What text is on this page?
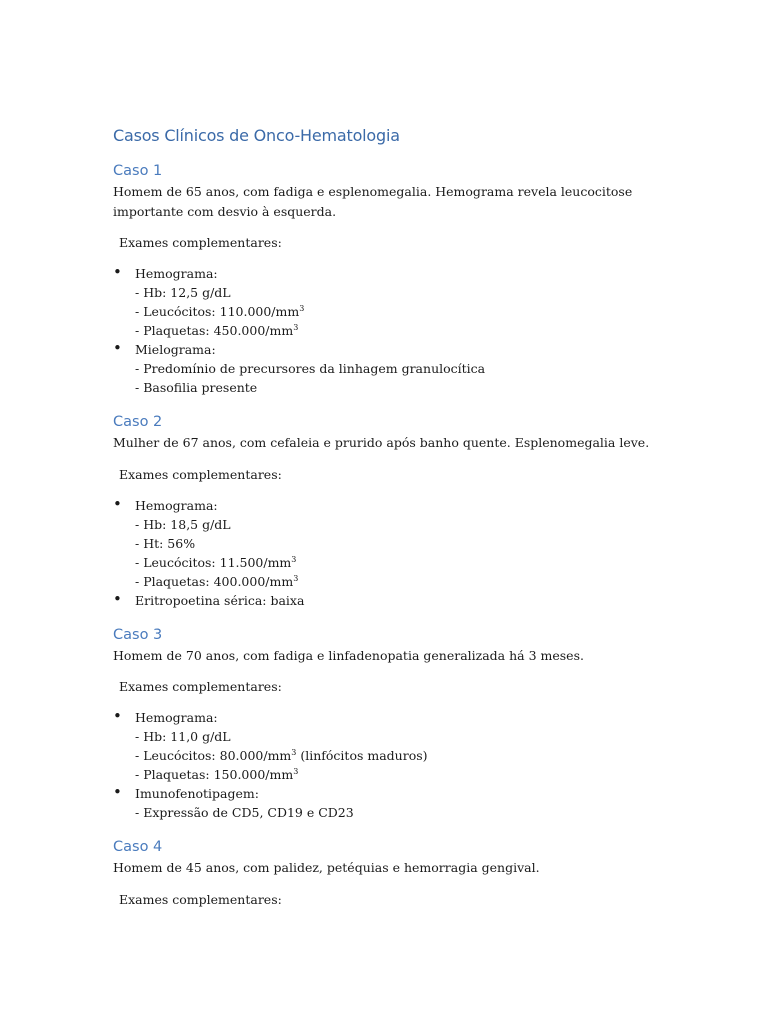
Casos Clínicos de Onco-Hematologia
Caso 1

Homem de 65 anos, com fadiga e esplenomegalia. Hemograma revela leucocitose importante com desvio à esquerda.

Exames complementares:

• Hemograma:
- Hb: 12,5 g/dL
- Leucócitos: $110.000/mm^3$
- Plaquetas: $450.000/mm^3$
• Mielograma:
- Predomínio de precursores da linhagem granulocítica
- Basofilia presente
Caso 2

Mulher de 67 anos, com cefaleia e prurido após banho quente. Esplenomegalia leve.

Exames complementares:

• Hemograma:
- Hb: 18,5 g/dL
- Ht: 56%
- Leucócitos: $11.500/mm^3$
- Plaquetas: $400.000/mm^3$
• Eritropoetina sérica: baixa
Caso 3

Homem de 70 anos, com fadiga e linfadenopatia generalizada há 3 meses.

Exames complementares:

• Hemograma:
- Hb: 11,0 g/dL
- Leucócitos: $80.000/mm^3$ (linfócitos maduros)
- Plaquetas: $150.000/mm^3$
• Imunofenotipagem:
- Expressão de CD5, CD19 e CD23
Caso 4

Homem de 45 anos, com palidez, petéquias e hemorragia gengival.

Exames complementares:
